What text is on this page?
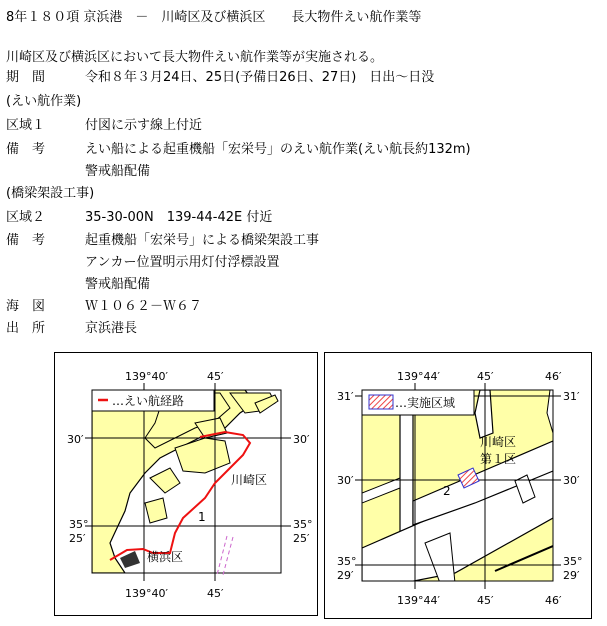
8年１８０項 京浜港　－　川崎区及び横浜区　　長大物件えい航作業等
川崎区及び横浜区において長大物件えい航作業等が実施される。

期　間

	令和８年３月24日、25日(予備日26日、27日)　日出～日没

(えい航作業)

区域１

	付図に示す線上付近

備　考

	えい船による起重機船「宏栄号」のえい航作業(えい航長約132m)

警戒船配備

(橋梁架設工事)

区域２

	35-30-00N　139-44-42E 付近

備　考

	起重機船「宏栄号」による橋梁架設工事

アンカー位置明示用灯付浮標設置

警戒船配備

海　図

	Ｗ１０６２－Ｗ６７

出　所

	京浜港長

…えい航経路
139°40′	45′
139°40′	45′
30′	30′
35°
25′
35°
25′
川崎区
横浜区
1
…実施区域
139°44′	45′	46′
139°44′	45′	46′
31′	31′
30′	30′
35°
29′
35°
29′
川崎区
第１区
2
